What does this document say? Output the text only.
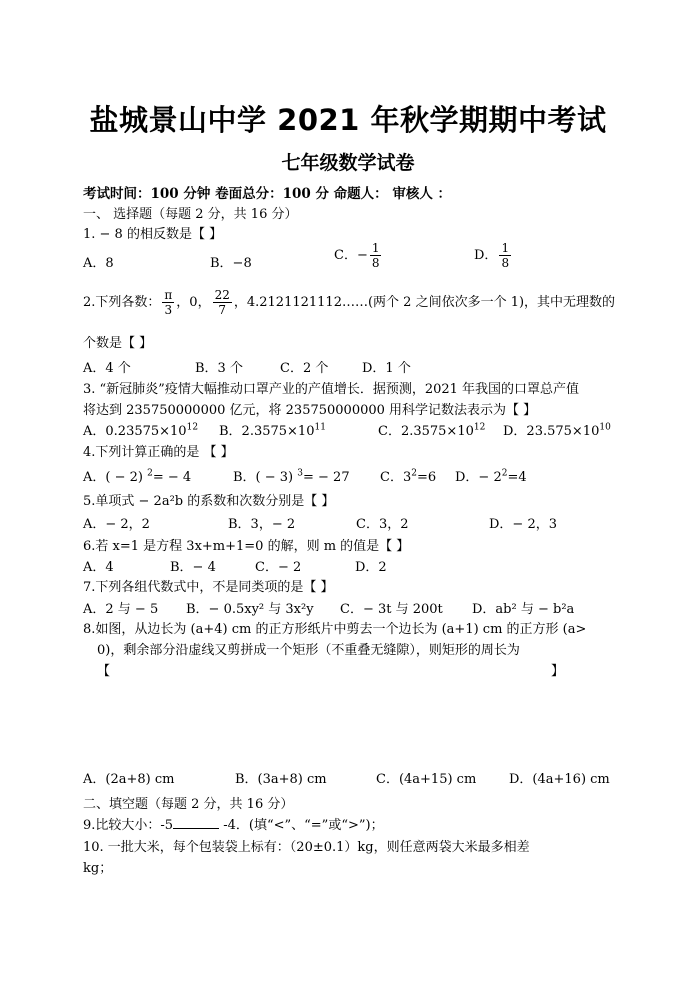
盐城景山中学 2021 年秋学期期中考试
七年级数学试卷
考试时间：100 分钟 卷面总分：100 分 命题人： 审核人 ：
一、 选择题（每题 2 分，共 16 分）
1. − 8 的相反数是【 】
A．8	B．−8
C．− $\frac{1}{8}$	D． $\frac{1}{8}$
2.下列各数： $\frac{\pi}{3}$ ，0， $\frac{22}{7}$ ，4.2121121112……(两个 2 之间依次多一个 1)，其中无理数的
个数是【 】
A．4 个	B．3 个	C．2 个	D．1 个
3. “新冠肺炎”疫情大幅推动口罩产业的产值增长．据预测，2021 年我国的口罩总产值
将达到 235750000000 亿元，将 235750000000 用科学记数法表示为【 】
A．$0.23575\times 10^{12}$ B．$2.3575\times 10^{11}$	C．$2.3575\times 10^{12}$ D．$23.575\times 10^{10}$
4.下列计算正确的是 【 】
A．( − 2) $^2$= − 4	B．( − 3) $^3$= − 27 C．$3^2=6$ D．− $2^2=4$
5.单项式 − 2a²b 的系数和次数分别是【 】
A．− 2，2	B．3，− 2	C．3，2	D．− 2，3
6.若 x=1 是方程 3x+m+1=0 的解，则 m 的值是【 】
A．4	B．− 4	C．− 2	D．2
7.下列各组代数式中，不是同类项的是【 】
A．2 与 − 5 B．− 0.5xy² 与 3x²y C．− 3t 与 200t D．ab² 与 − b²a
8.如图，从边长为 (a+4) cm 的正方形纸片中剪去一个边长为 (a+1) cm 的正方形 (a>
0)，剩余部分沿虚线又剪拼成一个矩形（不重叠无缝隙），则矩形的周长为
【	】
A．(2a+8) cm	B．(3a+8) cm	C．(4a+15) cm	D．(4a+16) cm
二、填空题（每题 2 分，共 16 分）
9.比较大小：-5	-4．(填“<”、“=”或“>”)；
10. 一批大米，每个包装袋上标有：（20±0.1）kg，则任意两袋大米最多相差
kg；
